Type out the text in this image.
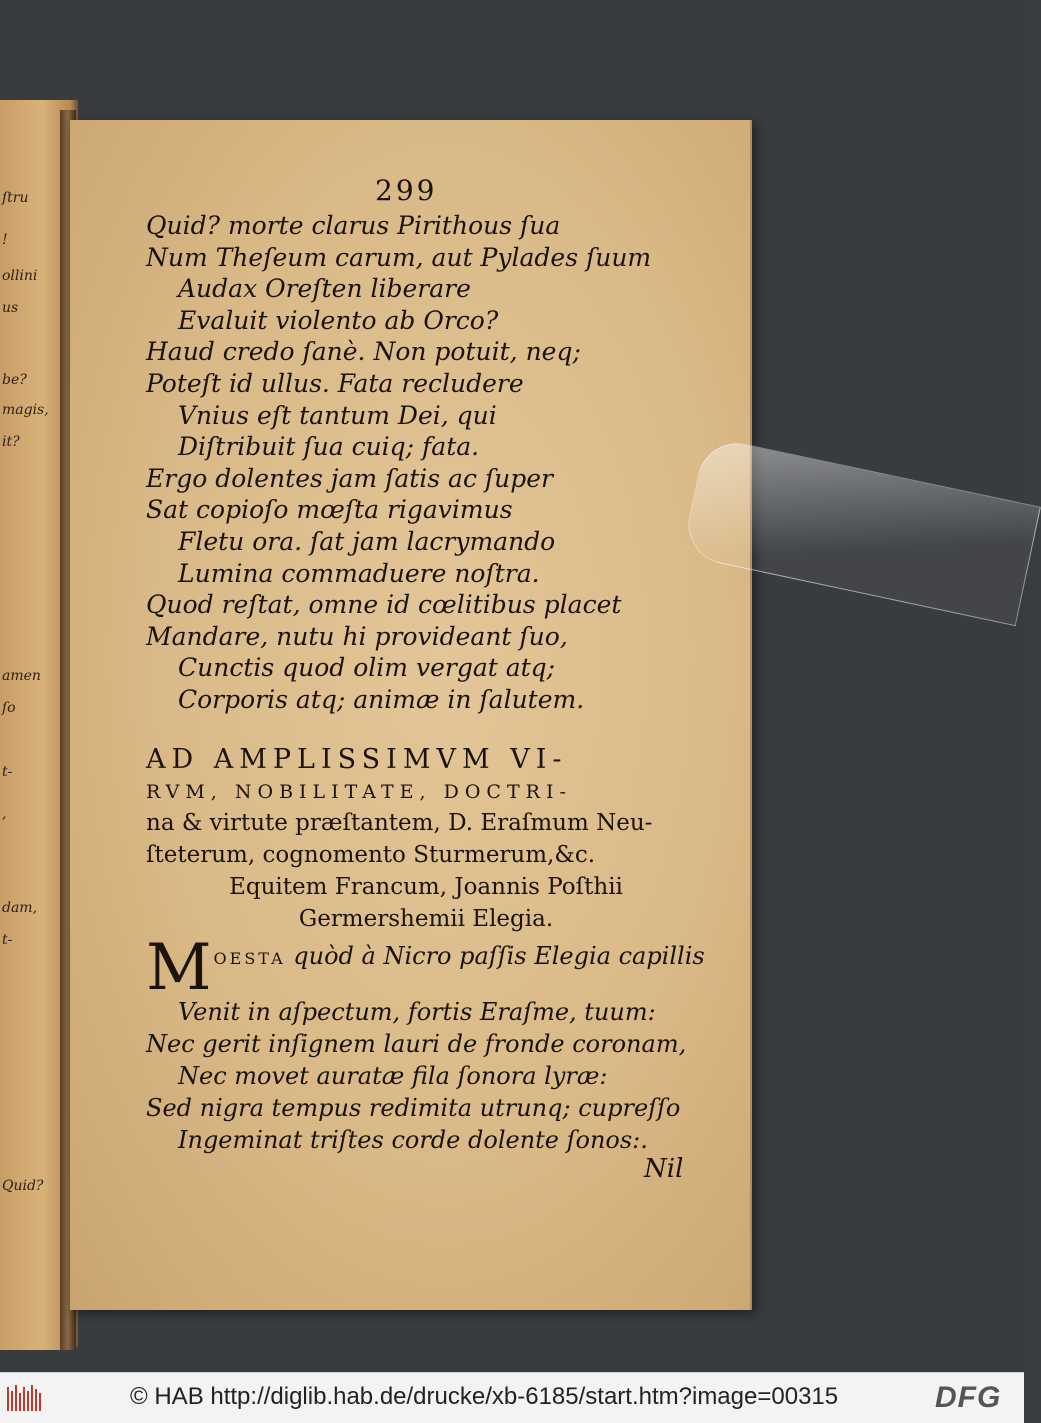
ſtru
!
ollini
us
be?
magis,
it?
amen
ſo
t-
,
dam,
t-
Quid?
299
Quid? morte clarus Pirithous ſua
Num Theſeum carum, aut Pylades ſuum
Audax Oreſten liberare
Evaluit violento ab Orco?
Haud credo ſanè. Non potuit, neq;
Poteſt id ullus. Fata recludere
Vnius eſt tantum Dei, qui
Diſtribuit ſua cuiq; fata.
Ergo dolentes jam ſatis ac ſuper
Sat copioſo mœſta rigavimus
Fletu ora. ſat jam lacrymando
Lumina commaduere noſtra.
Quod reſtat, omne id cœlitibus placet
Mandare, nutu hi provideant ſuo,
Cunctis quod olim vergat atq;
Corporis atq; animæ in ſalutem.
AD AMPLISSIMVM VI-
RVM, NOBILITATE, DOCTRI-
na & virtute præſtantem, D. Eraſmum Neu-
ſteterum, cognomento Sturmerum,&c.
Equitem Francum, Joannis Poſthii
Germershemii Elegia.
M OESTA quòd à Nicro paſſis Elegia capillis
Venit in aſpectum, fortis Eraſme, tuum:
Nec gerit inſignem lauri de fronde coronam,
Nec movet auratæ fila ſonora lyræ:
Sed nigra tempus redimita utrunq; cupreſſo
Ingeminat triſtes corde dolente ſonos:.
Nil
© HAB http://diglib.hab.de/drucke/xb-6185/start.htm?image=00315	DFG
